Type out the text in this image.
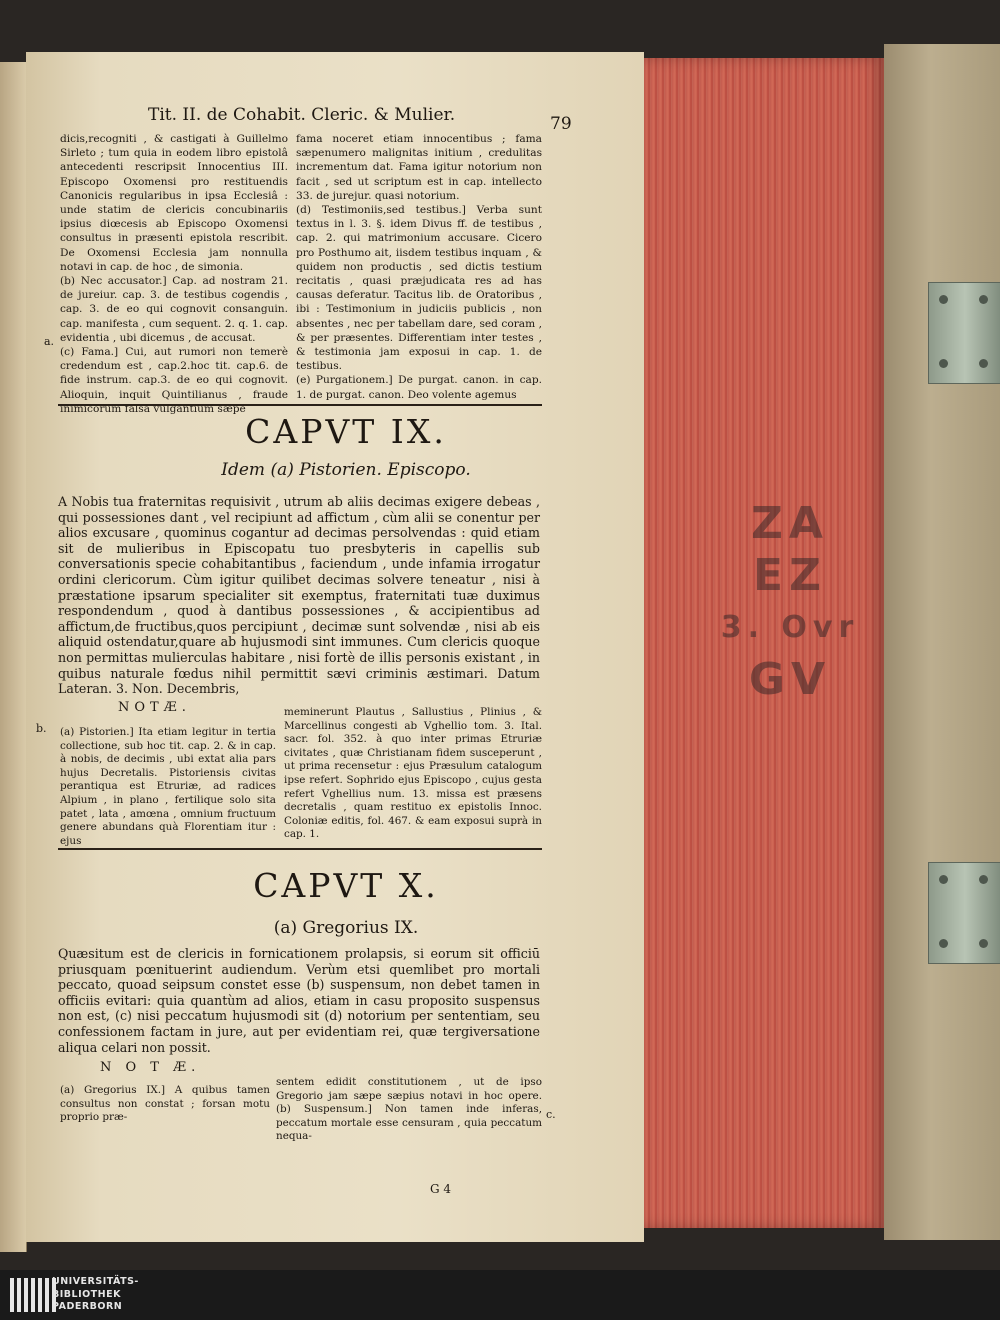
Tit. II. de Cohabit. Cleric. & Mulier.	79

dicis,recogniti , & castigati à Guillelmo Sirleto ; tum quia in eodem libro epistolâ antecedenti rescripsit Innocentius III. Episcopo Oxomensi pro restituendis Canonicis regularibus in ipsa Ecclesiâ : unde statim de clericis concubinariis ipsius diœcesis ab Episcopo Oxomensi consultus in præsenti epistola rescribit. De Oxomensi Ecclesia jam nonnulla notavi in cap. de hoc , de simonia.

(b) Nec accusator.] Cap. ad nostram 21. de jureiur. cap. 3. de testibus cogendis , cap. 3. de eo qui cognovit consanguin. cap. manifesta , cum sequent. 2. q. 1. cap. evidentia , ubi dicemus , de accusat.

(c) Fama.] Cui, aut rumori non temerè credendum est , cap.2.hoc tit. cap.6. de fide instrum. cap.3. de eo qui cognovit. Alioquin, inquit Quintilianus , fraude inimicorum falsa vulgantium sæpe

fama noceret etiam innocentibus ; fama sæpenumero malignitas initium , credulitas incrementum dat. Fama igitur notorium non facit , sed ut scriptum est in cap. intellecto 33. de jurejur. quasi notorium.

(d) Testimoniis,sed testibus.] Verba sunt textus in l. 3. §. idem Divus ff. de testibus , cap. 2. qui matrimonium accusare. Cicero pro Posthumo ait, iisdem testibus inquam , & quidem non productis , sed dictis testium recitatis , quasi præjudicata res ad has causas deferatur. Tacitus lib. de Oratoribus , ibi : Testimonium in judiciis publicis , non absentes , nec per tabellam dare, sed coram , & per præsentes. Differentiam inter testes , & testimonia jam exposui in cap. 1. de testibus.

(e) Purgationem.] De purgat. canon. in cap. 1. de purgat. canon. Deo volente agemus

CAPVT IX.
Idem (a) Pistorien. Episcopo.

A Nobis tua fraternitas requisivit , utrum ab aliis decimas exigere debeas , qui possessiones dant , vel recipiunt ad affictum , cùm alii se conentur per alios excusare , quominus cogantur ad decimas persolvendas : quid etiam sit de mulieribus in Episcopatu tuo presbyteris in capellis sub conversationis specie cohabitantibus , faciendum , unde infamia irrogatur ordini clericorum. Cùm igitur quilibet decimas solvere teneatur , nisi à præstatione ipsarum specialiter sit exemptus, fraternitati tuæ duximus respondendum , quod à dantibus possessiones , & accipientibus ad affictum,de fructibus,quos percipiunt , decimæ sunt solvendæ , nisi ab eis aliquid ostendatur,quare ab hujusmodi sint immunes. Cum clericis quoque non permittas mulierculas habitare , nisi fortè de illis personis existant , in quibus naturale fœdus nihil permittit sævi criminis æstimari. Datum Lateran. 3. Non. Decembris,

NOTÆ.

(a) Pistorien.] Ita etiam legitur in tertia collectione, sub hoc tit. cap. 2. & in cap. à nobis, de decimis , ubi extat alia pars hujus Decretalis. Pistoriensis civitas perantiqua est Etruriæ, ad radices Alpium , in plano , fertilique solo sita patet , lata , amœna , omnium fructuum genere abundans quà Florentiam itur : ejus

meminerunt Plautus , Sallustius , Plinius , & Marcellinus congesti ab Vghellio tom. 3. Ital. sacr. fol. 352. à quo inter primas Etruriæ civitates , quæ Christianam fidem susceperunt , ut prima recensetur : ejus Præsulum catalogum ipse refert. Sophrido ejus Episcopo , cujus gesta refert Vghellius num. 13. missa est præsens decretalis , quam restituo ex epistolis Innoc. Coloniæ editis, fol. 467. & eam exposui suprà in cap. 1.

CAPVT X.
(a) Gregorius IX.

Quæsitum est de clericis in fornicationem prolapsis, si eorum sit officiū priusquam pœnituerint audiendum. Verùm etsi quemlibet pro mortali peccato, quoad seipsum constet esse (b) suspensum, non debet tamen in officiis evitari: quia quantùm ad alios, etiam in casu proposito suspensus non est, (c) nisi peccatum hujusmodi sit (d) notorium per sententiam, seu confessionem factam in jure, aut per evidentiam rei, quæ tergiversatione aliqua celari non possit.

N O T Æ.

(a) Gregorius IX.] A quibus tamen consultus non constat ; forsan motu proprio præ-

sentem edidit constitutionem , ut de ipso Gregorio jam sæpe sæpius notavi in hoc opere. (b) Suspensum.] Non tamen inde inferas, peccatum mortale esse censuram , quia peccatum nequa-

G 4
a.
b.
c.
ZA
EZ
3. Ovr
GV
UNIVERSITÄTS-
BIBLIOTHEK
PADERBORN
